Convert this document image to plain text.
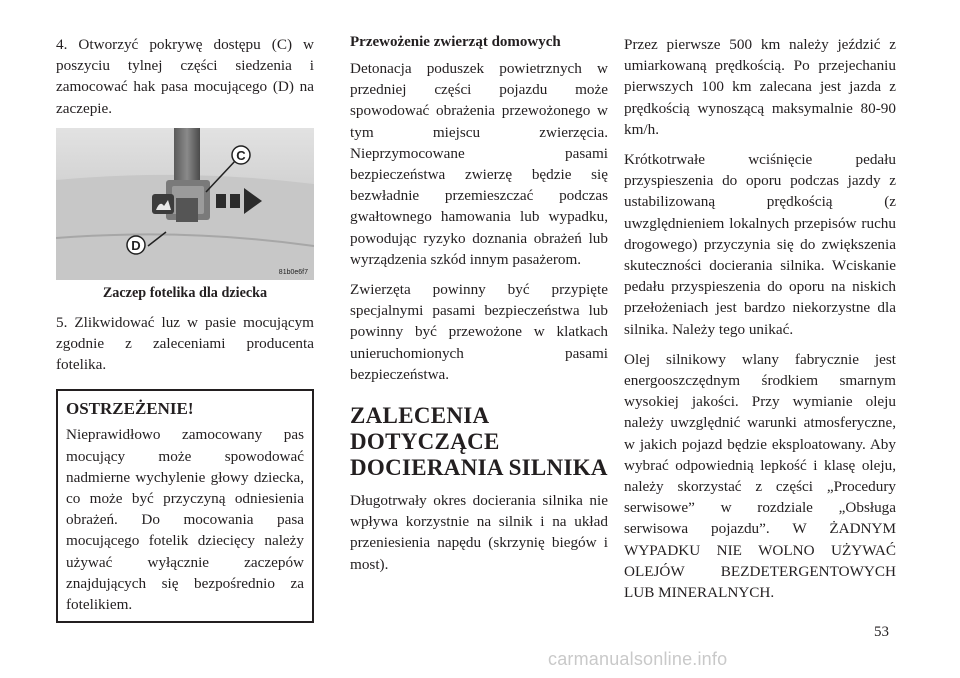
4. Otworzyć pokrywę dostępu (C) w poszyciu tylnej części siedzenia i zamocować hak pasa mocującego (D) na zaczepie.

C
D
81b0e6f7
Zaczep fotelika dla dziecka

5. Zlikwidować luz w pasie mocującym zgodnie z zaleceniami producenta fotelika.

OSTRZEŻENIE!

Nieprawidłowo zamocowany pas mocujący może spowodować nadmierne wychylenie głowy dziecka, co może być przyczyną odniesienia obrażeń. Do mocowania pasa mocującego fotelik dziecięcy należy używać wyłącznie zaczepów znajdujących się bezpośrednio za fotelikiem.

Przewożenie zwierząt domowych

Detonacja poduszek powietrznych w przedniej części pojazdu może spowodować obrażenia przewożonego w tym miejscu zwierzęcia. Nieprzymocowane pasami bezpieczeństwa zwierzę będzie się bezwładnie przemieszczać podczas gwałtownego hamowania lub wypadku, powodując ryzyko doznania obrażeń lub wyrządzenia szkód innym pasażerom.

Zwierzęta powinny być przypięte specjalnymi pasami bezpieczeństwa lub powinny być przewożone w klatkach unieruchomionych pasami bezpieczeństwa.

ZALECENIA
DOTYCZĄCE
DOCIERANIA SILNIKA

Długotrwały okres docierania silnika nie wpływa korzystnie na silnik i na układ przeniesienia napędu (skrzynię biegów i most).

Przez pierwsze 500 km należy jeździć z umiarkowaną prędkością. Po przejechaniu pierwszych 100 km zalecana jest jazda z prędkością wynoszącą maksymalnie 80-90 km/h.

Krótkotrwałe wciśnięcie pedału przyspieszenia do oporu podczas jazdy z ustabilizowaną prędkością (z uwzględnieniem lokalnych przepisów ruchu drogowego) przyczynia się do zwiększenia skuteczności docierania silnika. Wciskanie pedału przyspieszenia do oporu na niskich przełożeniach jest bardzo niekorzystne dla silnika. Należy tego unikać.

Olej silnikowy wlany fabrycznie jest energooszczędnym środkiem smarnym wysokiej jakości. Przy wymianie oleju należy uwzględnić warunki atmosferyczne, w jakich pojazd będzie eksploatowany. Aby wybrać odpowiednią lepkość i klasę oleju, należy skorzystać z części „Procedury serwisowe” w rozdziale „Obsługa serwisowa pojazdu”. W ŻADNYM WYPADKU NIE WOLNO UŻYWAĆ OLEJÓW BEZDETERGENTOWYCH LUB MINERALNYCH.

53
carmanualsonline.info
